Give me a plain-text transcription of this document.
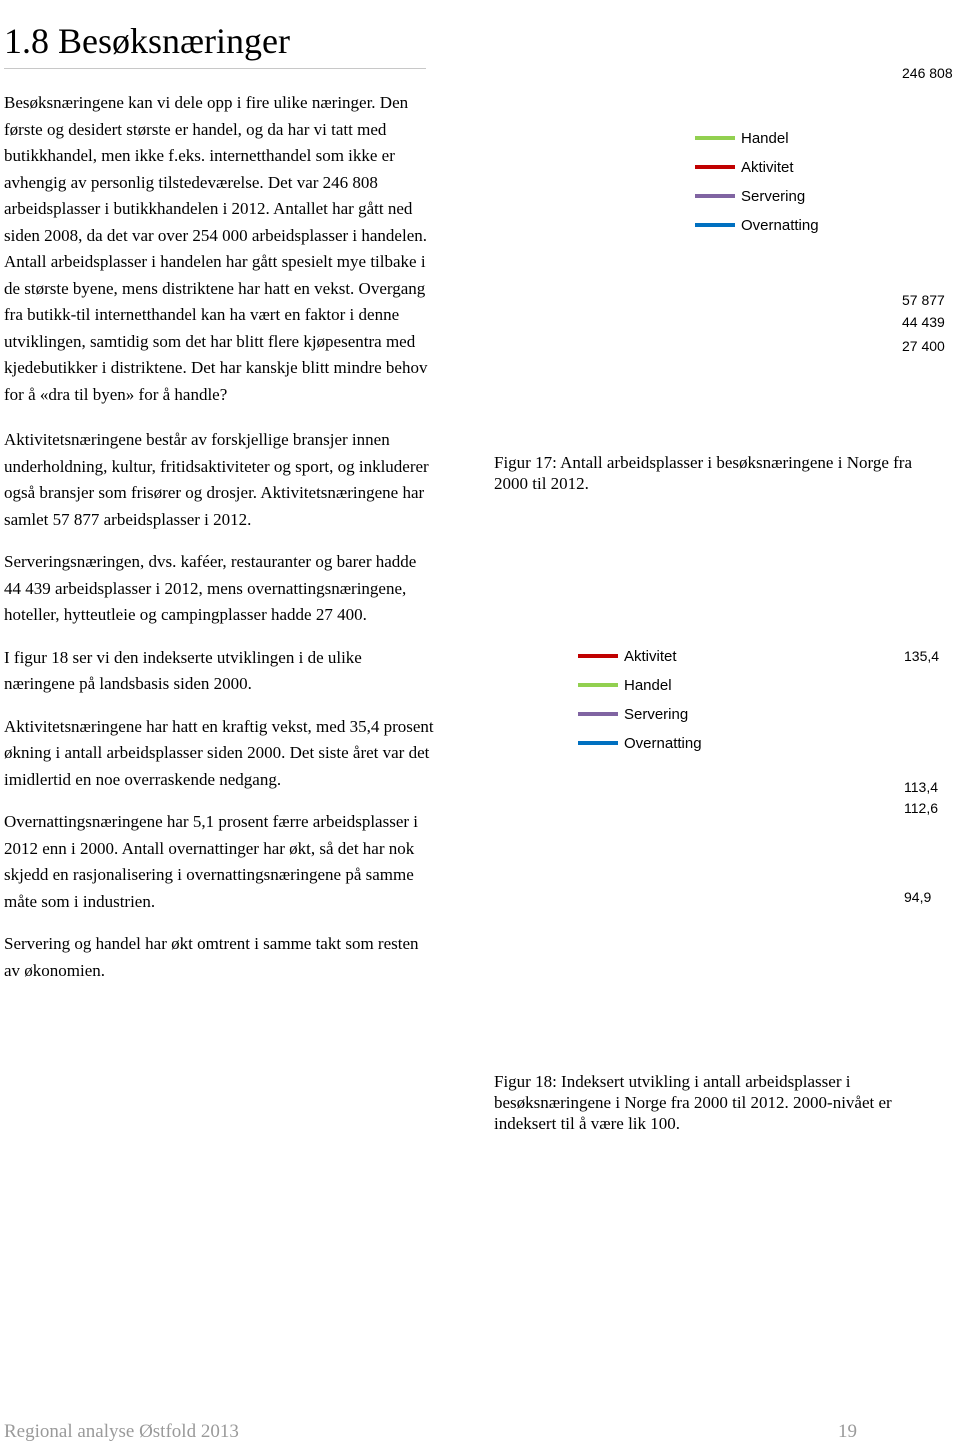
1.8 Besøksnæringer

Besøksnæringene kan vi dele opp i fire ulike næringer. Den første og desidert største er handel, og da har vi tatt med butikkhandel, men ikke f.eks. internetthandel som ikke er avhengig av personlig tilstedeværelse. Det var 246 808 arbeidsplasser i butikkhandelen i 2012. Antallet har gått ned siden 2008, da det var over 254 000 arbeidsplasser i handelen. Antall arbeidsplasser i handelen har gått spesielt mye tilbake i de største byene, mens distriktene har hatt en vekst. Overgang fra butikk-til internetthandel kan ha vært en faktor i denne utviklingen, samtidig som det har blitt flere kjøpesentra med kjedebutikker i distriktene. Det har kanskje blitt mindre behov for å «dra til byen» for å handle?

Aktivitetsnæringene består av forskjellige bransjer innen underholdning, kultur, fritidsaktiviteter og sport, og inkluderer også bransjer som frisører og drosjer. Aktivitetsnæringene har samlet 57 877 arbeidsplasser i 2012.

Serveringsnæringen, dvs. kaféer, restauranter og barer hadde 44 439 arbeidsplasser i 2012, mens overnattingsnæringene, hoteller, hytteutleie og campingplasser hadde 27 400.

I figur 18 ser vi den indekserte utviklingen i de ulike næringene på landsbasis siden 2000.

Aktivitetsnæringene har hatt en kraftig vekst, med 35,4 prosent økning i antall arbeidsplasser siden 2000. Det siste året var det imidlertid en noe overraskende nedgang.

Overnattingsnæringene har 5,1 prosent færre arbeidsplasser i 2012 enn i 2000. Antall overnattinger har økt, så det har nok skjedd en rasjonalisering i overnattingsnæringene på samme måte som i industrien.

Servering og handel har økt omtrent i samme takt som resten av økonomien.

Handel
Aktivitet
Servering
Overnatting
246 808
57 877
44 439
27 400

Figur 17: Antall arbeidsplasser i besøksnæringene i Norge fra 2000 til 2012.

Aktivitet
Handel
Servering
Overnatting
135,4
113,4
112,6
94,9

Figur 18: Indeksert utvikling i antall arbeidsplasser i besøksnæringene i Norge fra 2000 til 2012. 2000-nivået er indeksert til å være lik 100.

Regional analyse Østfold 2013	19
